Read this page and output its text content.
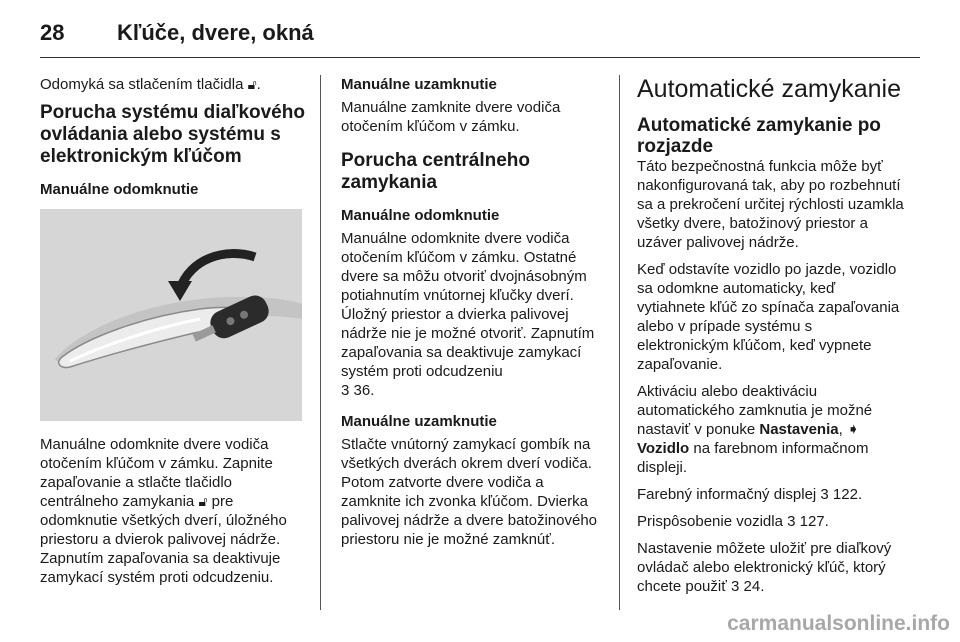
28 Kľúče, dvere, okná

Odomyká sa stlačením tlačidla 🔓︎.

Porucha systému diaľkového ovládania alebo systému s elektronickým kľúčom
Manuálne odomknutie

Manuálne odomknite dvere vodiča otočením kľúčom v zámku. Zapnite zapaľovanie a stlačte tlačidlo centrálneho zamykania 🔓︎ pre odomknutie všetkých dverí, úložného priestoru a dvierok palivovej nádrže. Zapnutím zapaľovania sa deaktivuje zamykací systém proti odcudzeniu.

Manuálne uzamknutie

Manuálne zamknite dvere vodiča otočením kľúčom v zámku.

Porucha centrálneho zamykania
Manuálne odomknutie

Manuálne odomknite dvere vodiča otočením kľúčom v zámku. Ostatné dvere sa môžu otvoriť dvojnásobným potiahnutím vnútornej kľučky dverí. Úložný priestor a dvierka palivovej nádrže nie je možné otvoriť. Zapnutím zapaľovania sa deaktivuje zamykací systém proti odcudzeniu
3 36.

Manuálne uzamknutie

Stlačte vnútorný zamykací gombík na všetkých dverách okrem dverí vodiča. Potom zatvorte dvere vodiča a zamknite ich zvonka kľúčom. Dvierka palivovej nádrže a dvere batožinového priestoru nie je možné zamknúť.

Automatické zamykanie
Automatické zamykanie po rozjazde

Táto bezpečnostná funkcia môže byť nakonfigurovaná tak, aby po rozbehnutí sa a prekročení určitej rýchlosti uzamkla všetky dvere, batožinový priestor a uzáver palivovej nádrže.

Keď odstavíte vozidlo po jazde, vozidlo sa odomkne automaticky, keď vytiahnete kľúč zo spínača zapaľovania alebo v prípade systému s elektronickým kľúčom, keď vypnete zapaľovanie.

Aktiváciu alebo deaktiváciu automatického zamknutia je možné nastaviť v ponuke Nastavenia, ➧
Vozidlo na farebnom informačnom displeji.

Farebný informačný displej 3 122.

Prispôsobenie vozidla 3 127.

Nastavenie môžete uložiť pre diaľkový ovládač alebo elektronický kľúč, ktorý chcete použiť 3 24.

carmanualsonline.info
